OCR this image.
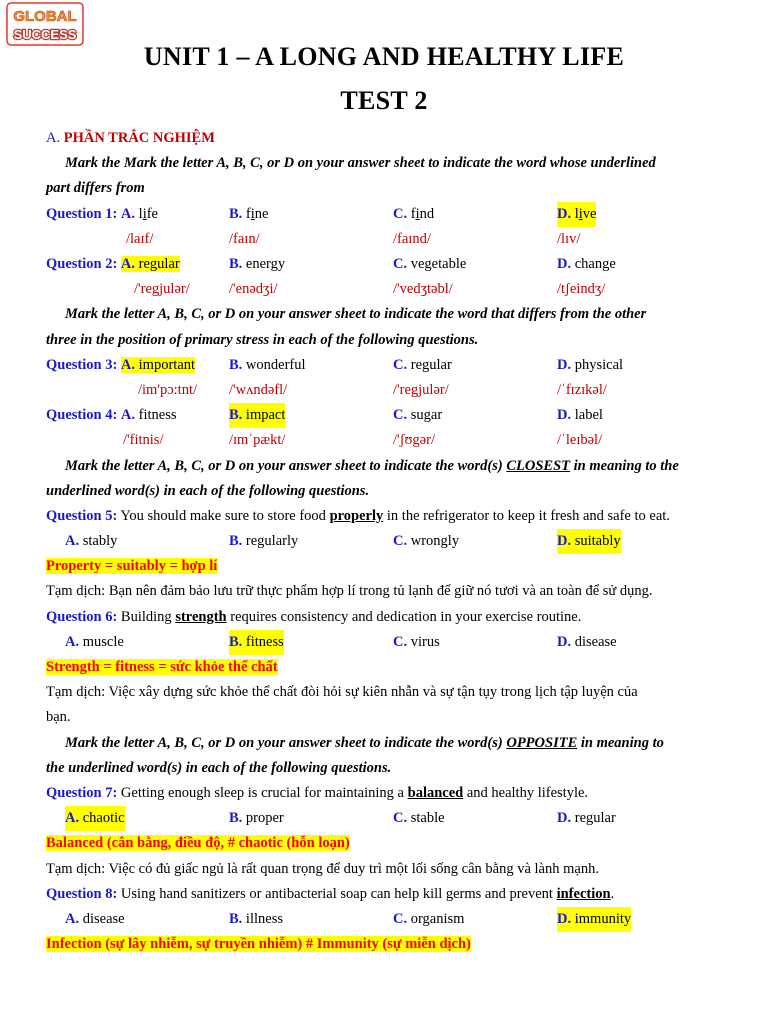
GLOBAL
SUCCESS
UNIT 1 – A LONG AND HEALTHY LIFE
TEST 2
A. PHẦN TRẮC NGHIỆM
Mark the Mark the letter A, B, C, or D on your answer sheet to indicate the word whose underlined
part differs from
Question 1: A. life	B. fine	C. find	D. live
/laɪf/	/faɪn/	/faɪnd/	/lɪv/
Question 2: A. regular	B. energy	C. vegetable	D. change
/'regjulər/	/'enədʒi/	/'vedʒtəbl/	/tʃeindʒ/
Mark the letter A, B, C, or D on your answer sheet to indicate the word that differs from the other
three in the position of primary stress in each of the following questions.
Question 3: A. important B. wonderful	C. regular	D. physical
/im'pɔ:tnt/ /'wʌndəfl/	/'regjulər/	/ˈfɪzɪkəl/
Question 4: A. fitness	B. impact	C. sugar	D. label
/'fitnis/	/ɪmˈpækt/	/'ʃʊgər/	/ˈleɪbəl/
Mark the letter A, B, C, or D on your answer sheet to indicate the word(s) CLOSEST in meaning to the
underlined word(s) in each of the following questions.
Question 5: You should make sure to store food properly in the refrigerator to keep it fresh and safe to eat.
A. stably	B. regularly	C. wrongly	D. suitably
Property = suitably = hợp lí
Tạm dịch: Bạn nên đảm bảo lưu trữ thực phẩm hợp lí trong tủ lạnh để giữ nó tươi và an toàn để sử dụng.
Question 6: Building strength requires consistency and dedication in your exercise routine.
A. muscle	B. fitness	C. virus	D. disease
Strength = fitness = sức khỏe thể chất
Tạm dịch: Việc xây dựng sức khỏe thể chất đòi hỏi sự kiên nhẫn và sự tận tụy trong lịch tập luyện của
bạn.
Mark the letter A, B, C, or D on your answer sheet to indicate the word(s) OPPOSITE in meaning to
the underlined word(s) in each of the following questions.
Question 7: Getting enough sleep is crucial for maintaining a balanced and healthy lifestyle.
A. chaotic	B. proper	C. stable	D. regular
Balanced (cân bằng, điều độ, # chaotic (hỗn loạn)
Tạm dịch: Việc có đủ giấc ngủ là rất quan trọng để duy trì một lối sống cân bằng và lành mạnh.
Question 8: Using hand sanitizers or antibacterial soap can help kill germs and prevent infection.
A. disease	B. illness	C. organism	D. immunity
Infection (sự lây nhiễm, sự truyền nhiễm) # Immunity (sự miễn dịch)
